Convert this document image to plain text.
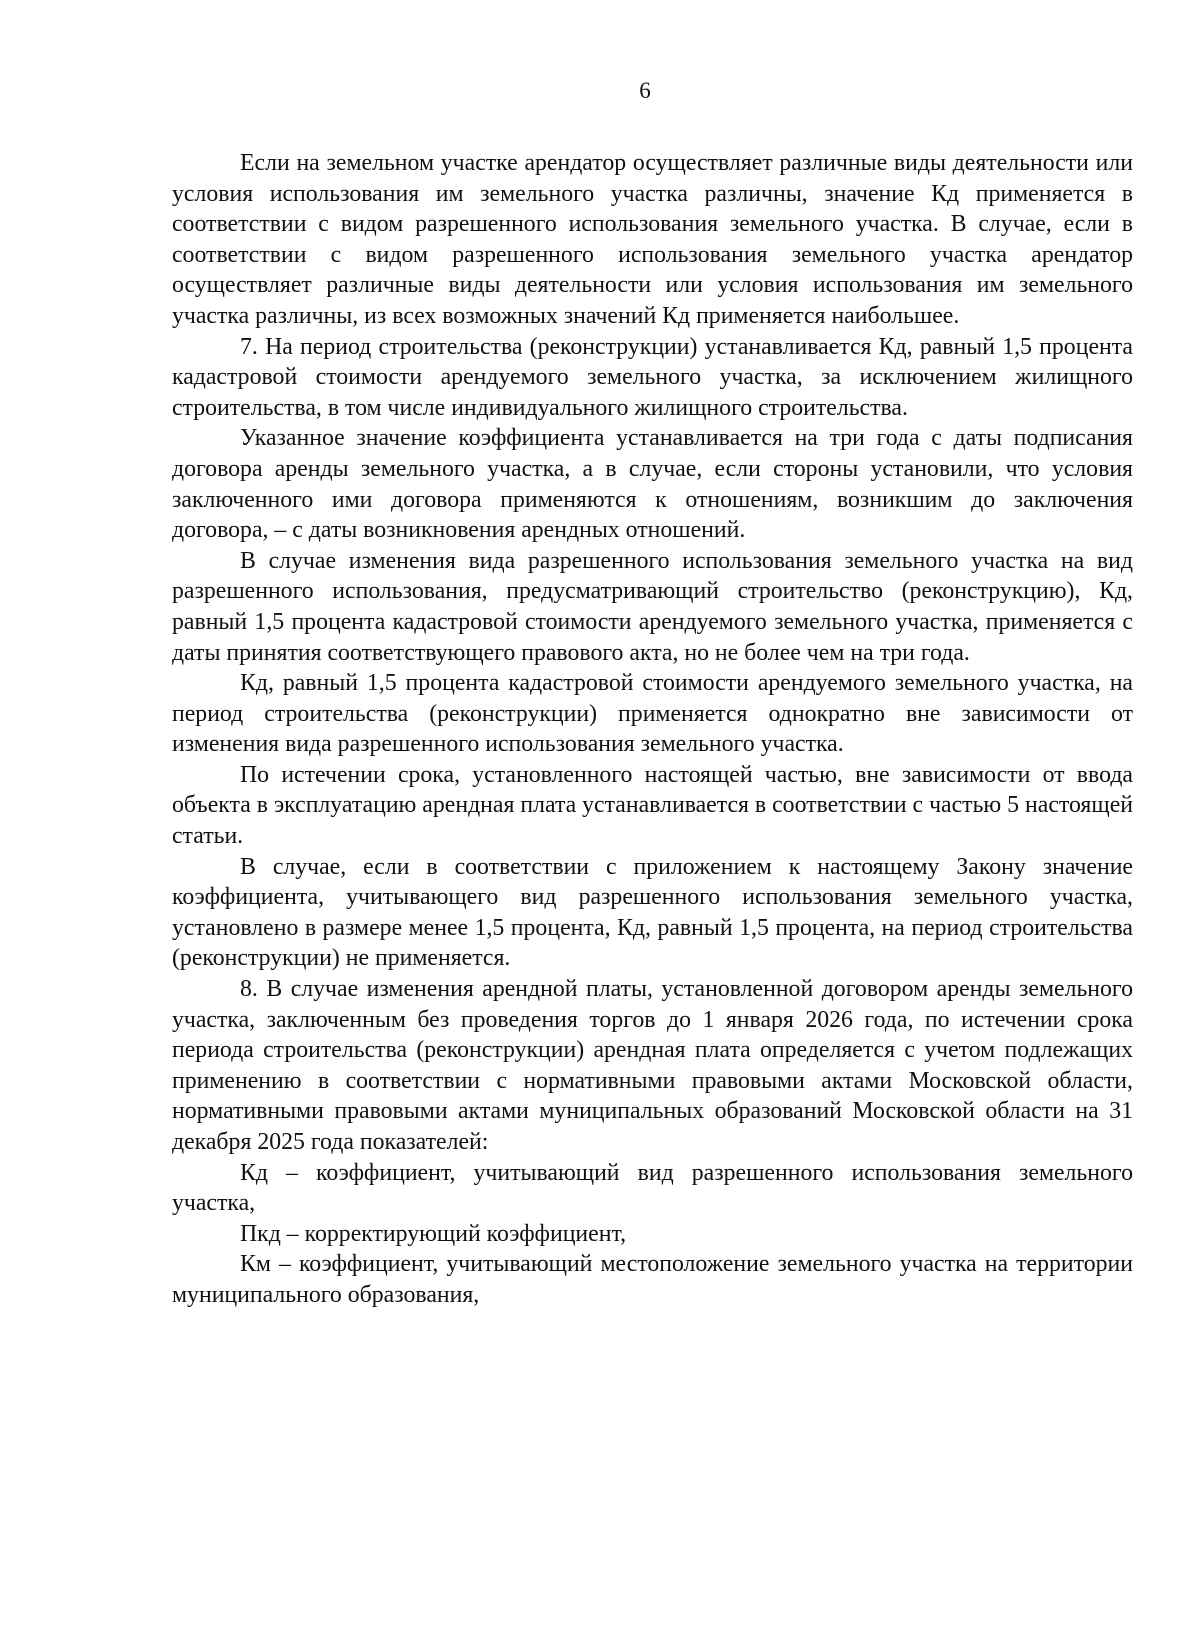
6

Если на земельном участке арендатор осуществляет различные виды деятельности или условия использования им земельного участка различны, значение Кд применяется в соответствии с видом разрешенного использования земельного участка. В случае, если в соответствии с видом разрешенного использования земельного участка арендатор осуществляет различные виды деятельности или условия использования им земельного участка различны, из всех возможных значений Кд применяется наибольшее.

7. На период строительства (реконструкции) устанавливается Кд, равный 1,5 процента кадастровой стоимости арендуемого земельного участка, за исключением жилищного строительства, в том числе индивидуального жилищного строительства.

Указанное значение коэффициента устанавливается на три года с даты подписания договора аренды земельного участка, а в случае, если стороны установили, что условия заключенного ими договора применяются к отношениям, возникшим до заключения договора, – с даты возникновения арендных отношений.

В случае изменения вида разрешенного использования земельного участка на вид разрешенного использования, предусматривающий строительство (реконструкцию), Кд, равный 1,5 процента кадастровой стоимости арендуемого земельного участка, применяется с даты принятия соответствующего правового акта, но не более чем на три года.

Кд, равный 1,5 процента кадастровой стоимости арендуемого земельного участка, на период строительства (реконструкции) применяется однократно вне зависимости от изменения вида разрешенного использования земельного участка.

По истечении срока, установленного настоящей частью, вне зависимости от ввода объекта в эксплуатацию арендная плата устанавливается в соответствии с частью 5 настоящей статьи.

В случае, если в соответствии с приложением к настоящему Закону значение коэффициента, учитывающего вид разрешенного использования земельного участка, установлено в размере менее 1,5 процента, Кд, равный 1,5 процента, на период строительства (реконструкции) не применяется.

8. В случае изменения арендной платы, установленной договором аренды земельного участка, заключенным без проведения торгов до 1 января 2026 года, по истечении срока периода строительства (реконструкции) арендная плата определяется с учетом подлежащих применению в соответствии с нормативными правовыми актами Московской области, нормативными правовыми актами муниципальных образований Московской области на 31 декабря 2025 года показателей:

Кд – коэффициент, учитывающий вид разрешенного использования земельного участка,

Пкд – корректирующий коэффициент,

Км – коэффициент, учитывающий местоположение земельного участка на территории муниципального образования,
